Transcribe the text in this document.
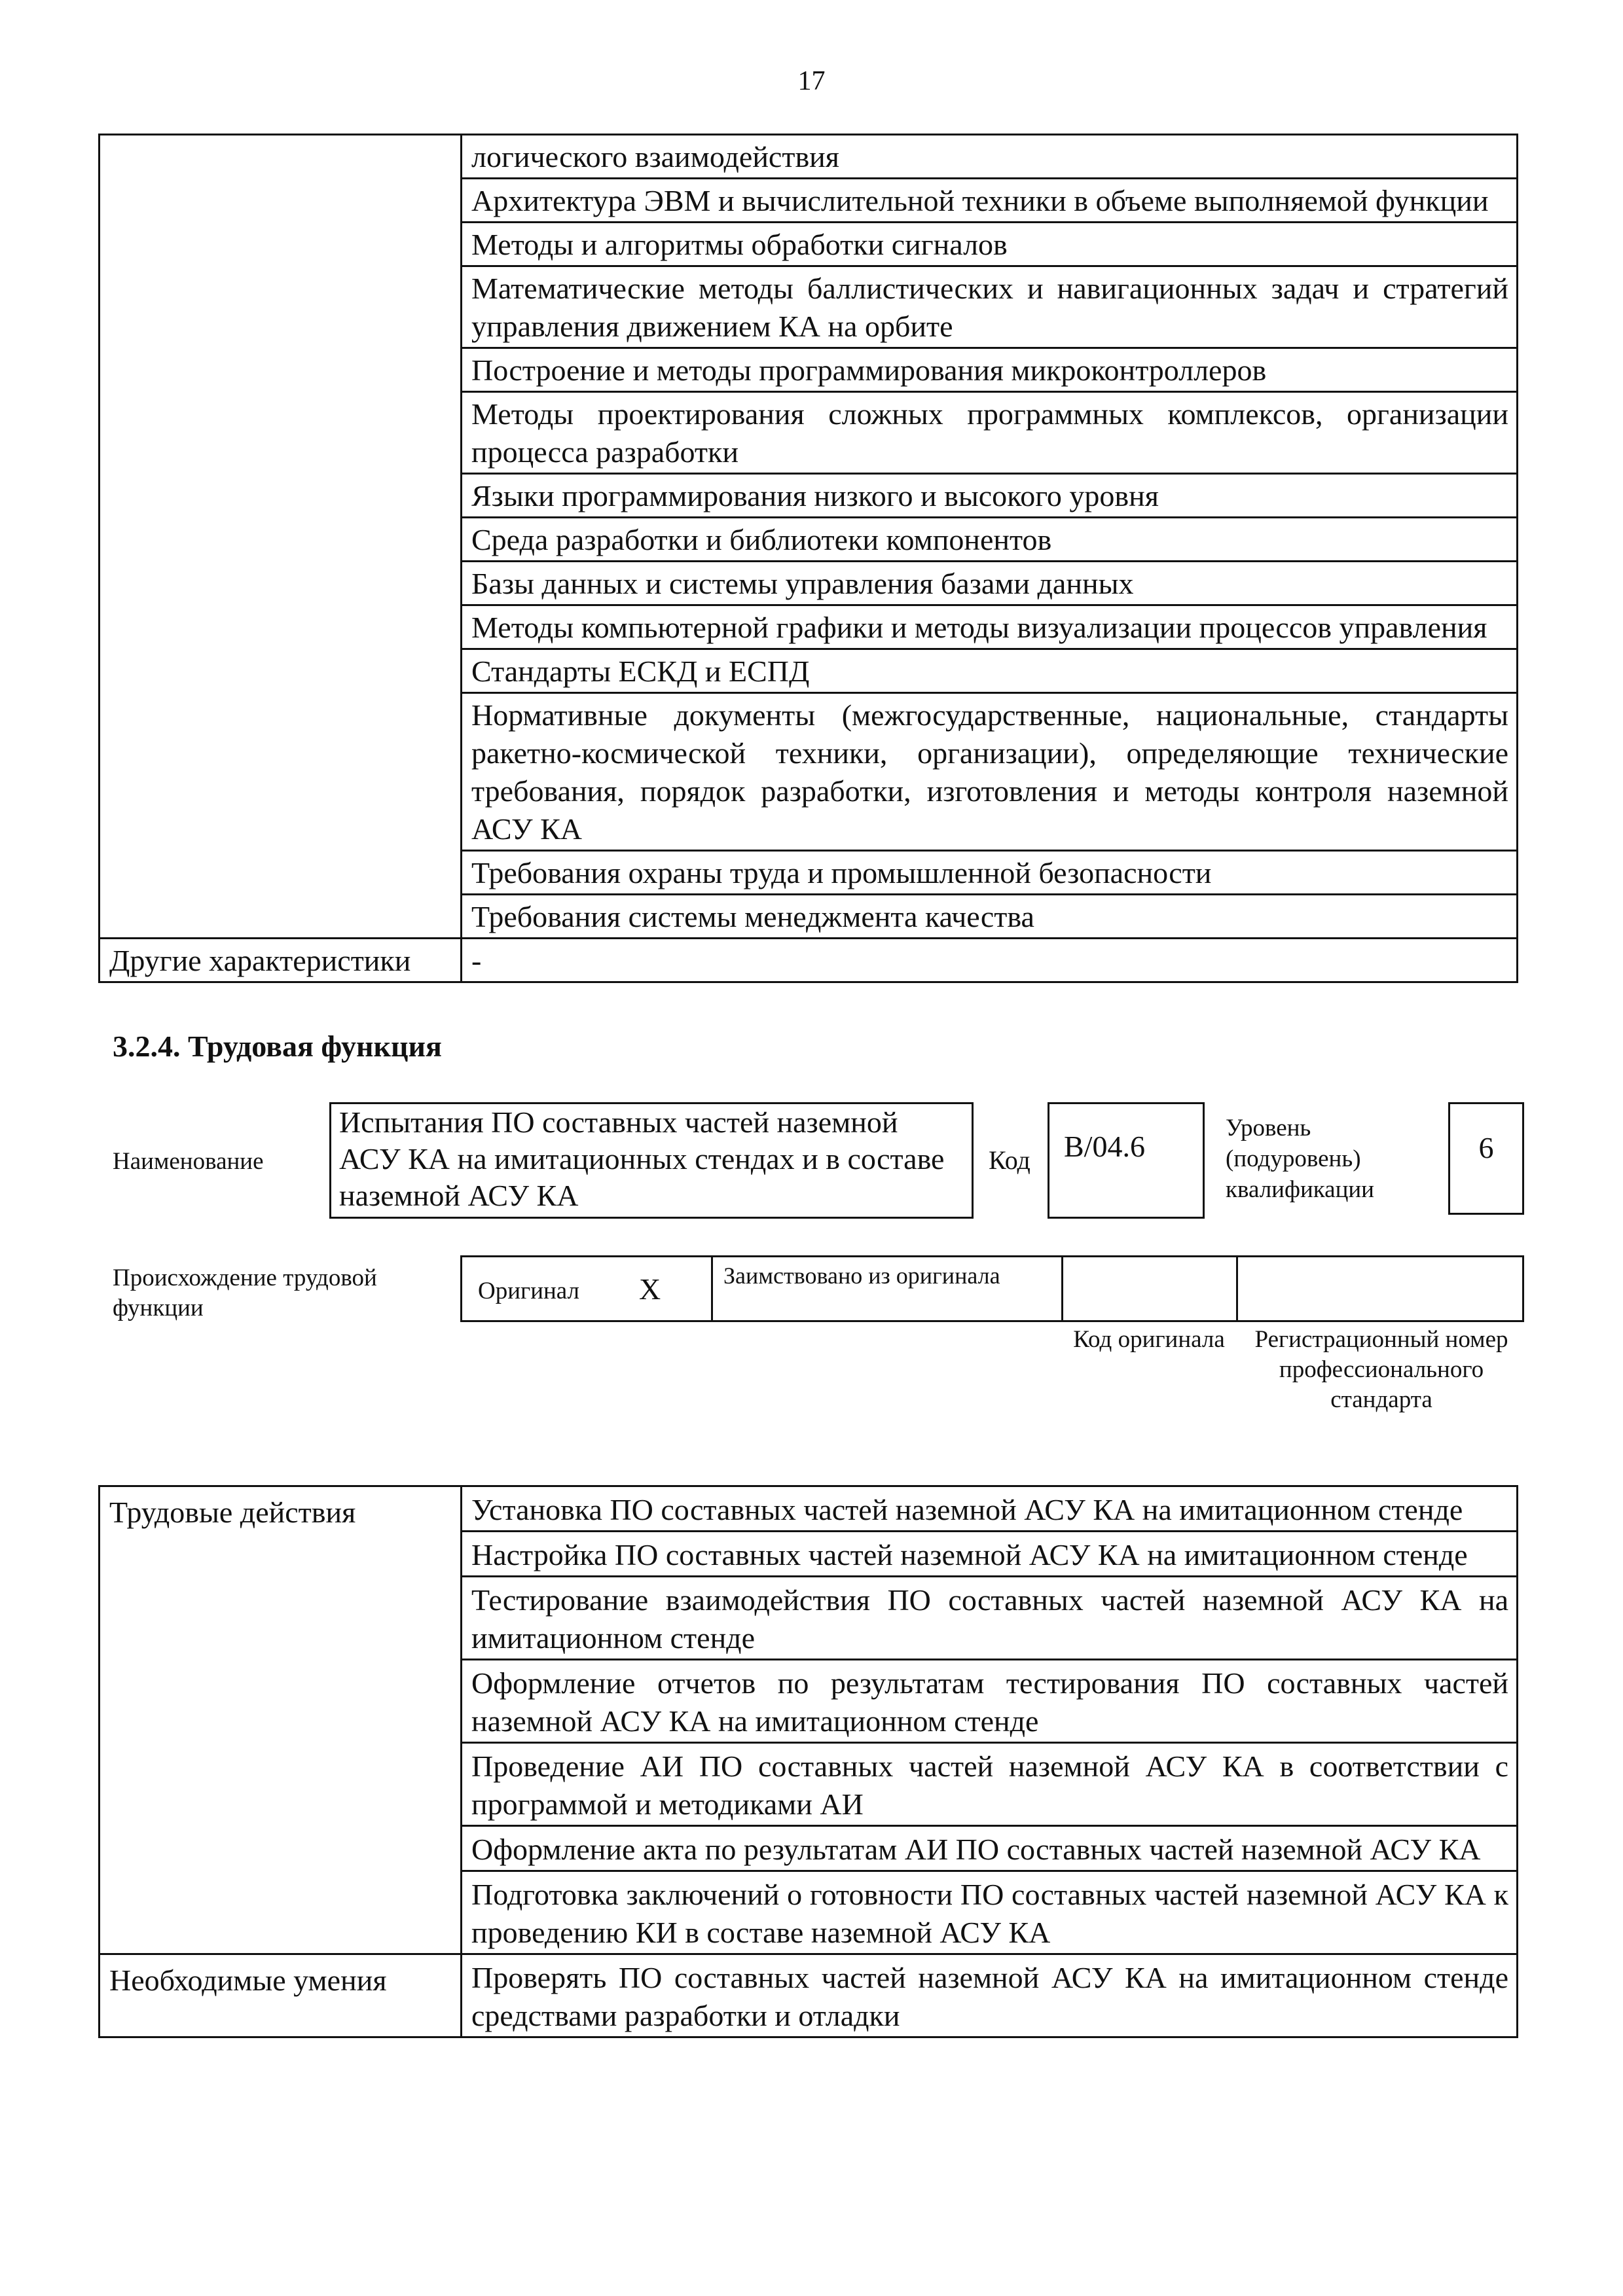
17
	логического взаимодействия
	Архитектура ЭВМ и вычислительной техники в объеме выполняемой функции
	Методы и алгоритмы обработки сигналов
	Математические методы баллистических и навигационных задач и стратегий управления движением КА на орбите
	Построение и методы программирования микроконтроллеров
	Методы проектирования сложных программных комплексов, организации процесса разработки
	Языки программирования низкого и высокого уровня
	Среда разработки и библиотеки компонентов
	Базы данных и системы управления базами данных
	Методы компьютерной графики и методы визуализации процессов управления
	Стандарты ЕСКД и ЕСПД
	Нормативные документы (межгосударственные, национальные, стандарты ракетно-космической техники, организации), определяющие технические требования, порядок разработки, изготовления и методы контроля наземной АСУ КА
	Требования охраны труда и промышленной безопасности
	Требования системы менеджмента качества
Другие характеристики	-
3.2.4. Трудовая функция
Наименование
Испытания ПО составных частей наземной АСУ КА на имитационных стендах и в составе наземной АСУ КА
Код	В/04.6
Уровень (подуровень) квалификации
6
Происхождение трудовой функции
Оригинал X	Заимствовано из оригинала
Код оригинала	Регистрационный номер профессионального стандарта
Трудовые действия	Установка ПО составных частей наземной АСУ КА на имитационном стенде
	Настройка ПО составных частей наземной АСУ КА на имитационном стенде
	Тестирование взаимодействия ПО составных частей наземной АСУ КА на имитационном стенде
	Оформление отчетов по результатам тестирования ПО составных частей наземной АСУ КА на имитационном стенде
	Проведение АИ ПО составных частей наземной АСУ КА в соответствии с программой и методиками АИ
	Оформление акта по результатам АИ ПО составных частей наземной АСУ КА
	Подготовка заключений о готовности ПО составных частей наземной АСУ КА к проведению КИ в составе наземной АСУ КА
Необходимые умения	Проверять ПО составных частей наземной АСУ КА на имитационном стенде средствами разработки и отладки
